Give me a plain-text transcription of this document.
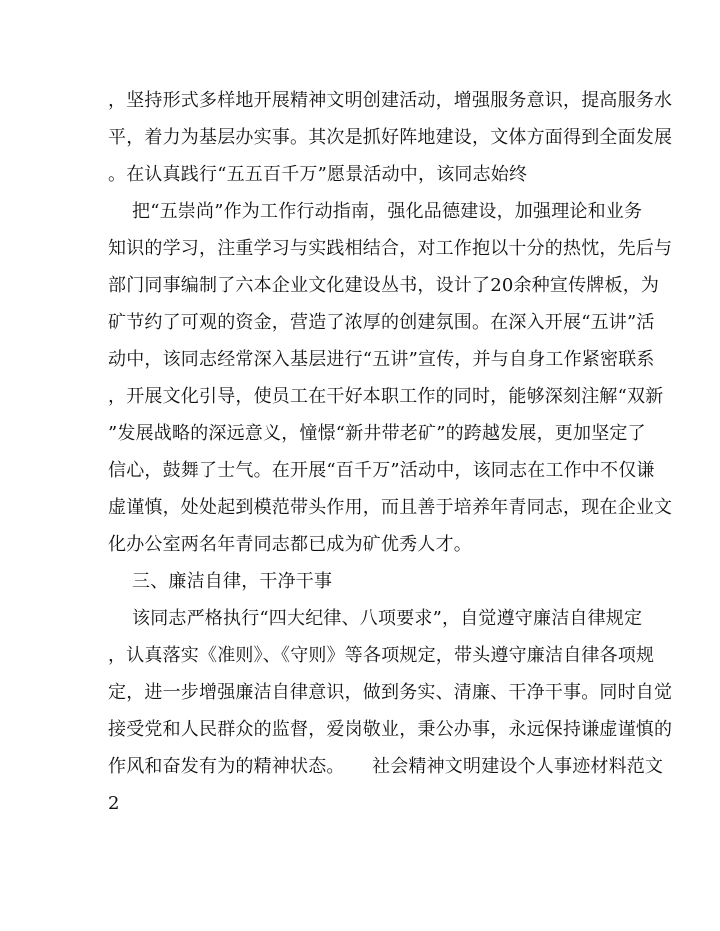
，坚持形式多样地开展精神文明创建活动，增强服务意识，提高服务水
平，着力为基层办实事。其次是抓好阵地建设，文体方面得到全面发展
。在认真践行“五五百千万”愿景活动中，该同志始终
把“五崇尚”作为工作行动指南，强化品德建设，加强理论和业务
知识的学习，注重学习与实践相结合，对工作抱以十分的热忱，先后与
部门同事编制了六本企业文化建设丛书，设计了20余种宣传牌板，为
矿节约了可观的资金，营造了浓厚的创建氛围。在深入开展“五讲”活
动中，该同志经常深入基层进行“五讲”宣传，并与自身工作紧密联系
，开展文化引导，使员工在干好本职工作的同时，能够深刻注解“双新
”发展战略的深远意义，憧憬“新井带老矿”的跨越发展，更加坚定了
信心，鼓舞了士气。在开展“百千万”活动中，该同志在工作中不仅谦
虚谨慎，处处起到模范带头作用，而且善于培养年青同志，现在企业文
化办公室两名年青同志都已成为矿优秀人才。
三、廉洁自律，干净干事
该同志严格执行“四大纪律、八项要求”，自觉遵守廉洁自律规定
，认真落实《准则》、《守则》等各项规定，带头遵守廉洁自律各项规
定，进一步增强廉洁自律意识，做到务实、清廉、干净干事。同时自觉
接受党和人民群众的监督，爱岗敬业，秉公办事，永远保持谦虚谨慎的
作风和奋发有为的精神状态。　　社会精神文明建设个人事迹材料范文
2
